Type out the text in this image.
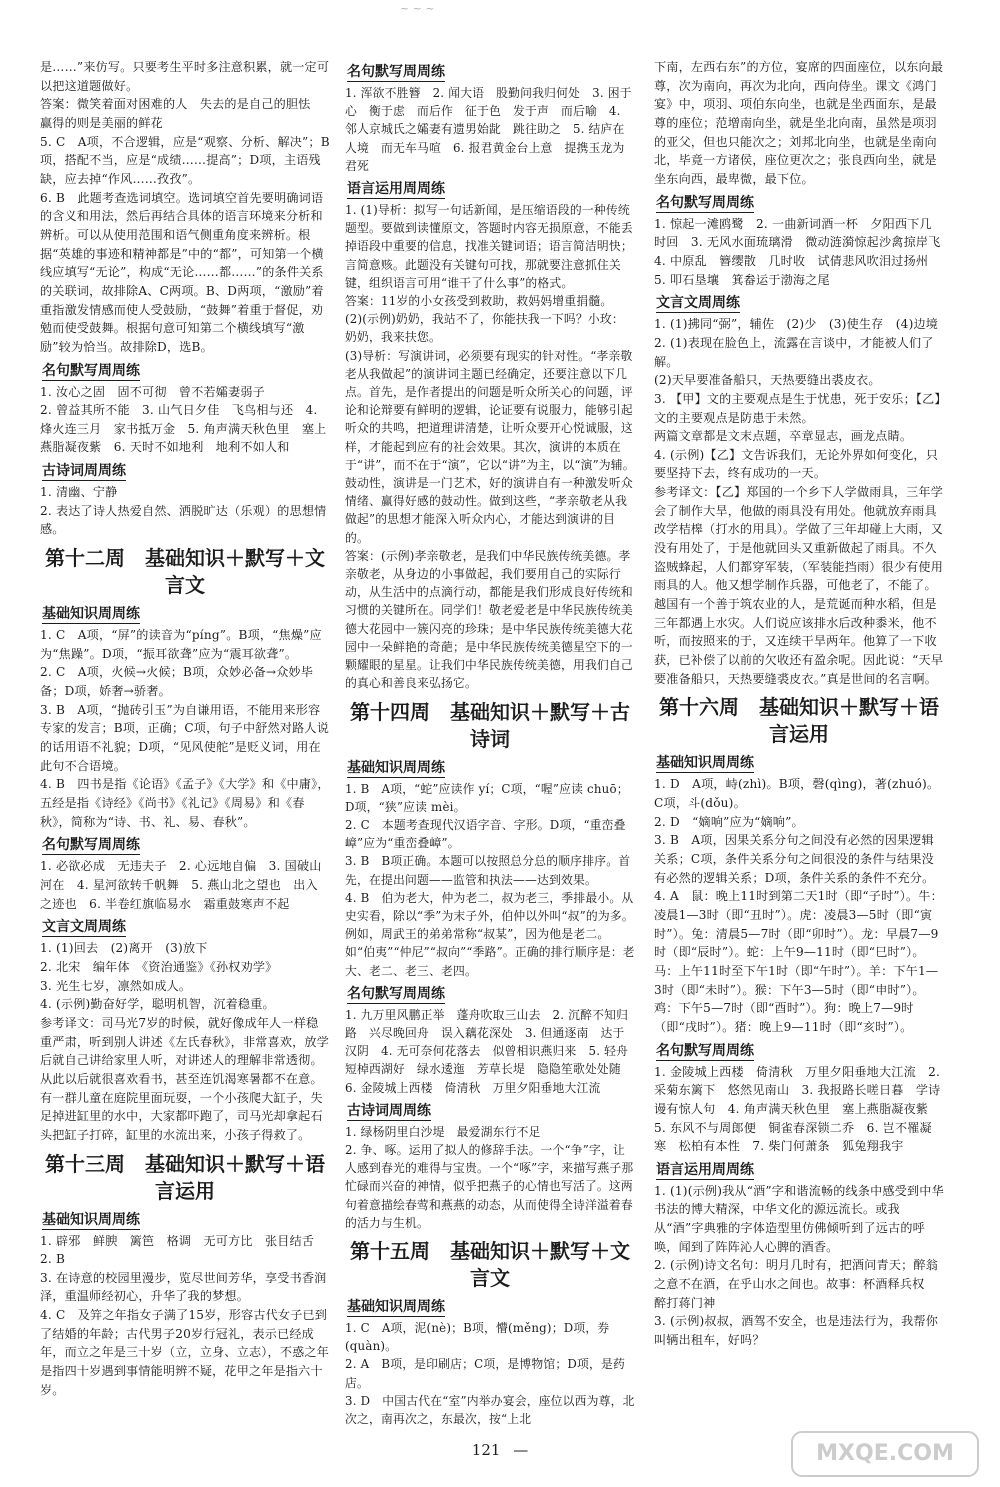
~ ~ ~

是……”来仿写。只要考生平时多注意积累，就一定可以把这道题做好。

答案：微笑着面对困难的人　失去的是自己的胆怯　赢得的则是美丽的鲜花

5. C　A项，不合逻辑，应是“观察、分析、解决”；B项，搭配不当，应是“成绩……提高”；D项，主语残缺，应去掉“作风……孜孜”。

6. B　此题考查选词填空。选词填空首先要明确词语的含义和用法，然后再结合具体的语言环境来分析和辨析。可以从使用范围和语气侧重角度来辨析。根据“英雄的事迹和精神都是”中的“都”，可知第一个横线应填写“无论”，构成“无论……都……”的条件关系的关联词，故排除A、C两项。B、D两项，“激励”着重指激发情感而使人受鼓励，“鼓舞”着重于督促，劝勉而使受鼓舞。根据句意可知第二个横线填写“激励”较为恰当。故排除D，选B。

名句默写周周练

1. 汝心之固　固不可彻　曾不若孀妻弱子

2. 曾益其所不能　3. 山气日夕佳　飞鸟相与还　4. 烽火连三月　家书抵万金　5. 角声满天秋色里　塞上燕脂凝夜紫　6. 天时不如地利　地利不如人和

古诗词周周练

1. 清幽、宁静

2. 表达了诗人热爱自然、洒脱旷达（乐观）的思想情感。

第十二周　基础知识＋默写＋文言文
基础知识周周练

1. C　A项，“屏”的读音为“píng”。B项，“焦燥”应为“焦躁”。D项，“振耳欲聋”应为“震耳欲聋”。

2. C　A项，火候→火候；B项，众妙必备→众妙毕备；D项，娇奢→骄奢。

3. B　A项，“抛砖引玉”为自谦用语，不能用来形容专家的发言；B项，正确；C项，句子中舒然对路人说的话用语不礼貌；D项，“见风使舵”是贬义词，用在此句不合语境。

4. B　四书是指《论语》《孟子》《大学》和《中庸》，五经是指《诗经》《尚书》《礼记》《周易》和《春秋》，简称为“诗、书、礼、易、春秋”。

名句默写周周练

1. 必欲必成　无违夫子　2. 心远地自偏　3. 国破山河在　4. 星河欲转千帆舞　5. 燕山北之望也　出入之迹也　6. 半卷红旗临易水　霜重鼓寒声不起

文言文周周练

1. (1)回去　(2)离开　(3)放下

2. 北宋　编年体　《资治通鉴》《孙权劝学》

3. 光生七岁，凛然如成人。

4. (示例)勤奋好学，聪明机智，沉着稳重。

参考译文：司马光7岁的时候，就好像成年人一样稳重严肃，听到别人讲述《左氏春秋》，非常喜欢，放学后就自己讲给家里人听，对讲述人的理解非常透彻。从此以后就很喜欢看书，甚至连饥渴寒暑都不在意。有一群儿童在庭院里面玩耍，一个小孩爬大缸子，失足掉进缸里的水中，大家都吓跑了，司马光却拿起石头把缸子打碎，缸里的水流出来，小孩子得救了。

第十三周　基础知识＋默写＋语言运用
基础知识周周练

1. 辟邪　鲜腴　篱笆　格调　无可方比　张目结舌

2. B

3. 在诗意的校园里漫步，览尽世间芳华，享受书香润泽，重温师经初心，升华了我的梦想。

4. C　及笄之年指女子满了15岁，形容古代女子已到了结婚的年龄；古代男子20岁行冠礼，表示已经成年，而立之年是三十岁（立，立身、立志），不惑之年是指四十岁遇到事情能明辨不疑，花甲之年是指六十岁。

名句默写周周练

1. 浑欲不胜簪　2. 闻大语　股勤问我归何处　3. 困于心　衡于虑　而后作　征于色　发于声　而后喻　4. 邻人京城氏之孀妻有遗男始龀　跳往助之　5. 结庐在人境　而无车马喧　6. 报君黄金台上意　提携玉龙为君死

语言运用周周练

1. (1)导析：拟写一句话新闻，是压缩语段的一种传统题型。要做到读懂原文，答题时内容无损原意，不能丢掉语段中重要的信息，找准关键词语；语言简洁明快；言简意赅。此题没有关键句可找，那就要注意抓住关键，组织语言可用“谁干了什么事”的格式。

答案：11岁的小女孩受到救助，救妈妈增重捐髓。

(2)(示例)奶奶，我站不了，你能扶我一下吗？小玫：奶奶，我来扶您。

(3)导析：写演讲词，必须要有现实的针对性。“孝亲敬老从我做起”的演讲词主题已经确定，还要注意以下几点。首先，是作者提出的问题是听众所关心的问题，评论和论辩要有鲜明的逻辑，论证要有说服力，能够引起听众的共鸣，把道理讲清楚，让听众要开心悦诚服，这样，才能起到应有的社会效果。其次，演讲的本质在于“讲”，而不在于“演”，它以“讲”为主，以“演”为辅。鼓动性，演讲是一门艺术，好的演讲自有一种激发听众情绪、赢得好感的鼓动性。做到这些，“孝亲敬老从我做起”的思想才能深入听众内心，才能达到演讲的目的。

答案：(示例)孝亲敬老，是我们中华民族传统美德。孝亲敬老，从身边的小事做起，我们要用自己的实际行动，从生活中的点滴行动，都能是我们形成良好传统和习惯的关键所在。同学们！敬老爱老是中华民族传统美德大花园中一簇闪亮的珍珠；是中华民族传统美德大花园中一朵鲜艳的奇葩；是中华民族传统美德星空下的一颗耀眼的星星。让我们中华民族传统美德，用我们自己的真心和善良来弘扬它。

第十四周　基础知识＋默写＋古诗词
基础知识周周练

1. B　A项，“蛇”应读作 yí；C项，“喔”应读 chuō；D项，“狭”应读 mèi。

2. C　本题考查现代汉语字音、字形。D项，“重峦叠嶂”应为“重峦叠嶂”。

3. B　B项正确。本题可以按照总分总的顺序排序。首先，在提出问题——监管和执法——达到效果。

4. B　伯为老大，仲为老二，叔为老三，季排最小。从史实看，除以“季”为末子外，伯仲以外叫“叔”的为多。例如，周武王的弟弟常称“叔某”，因为他是老二。如“伯夷”“仲尼”“叔向”“季路”。正确的排行顺序是：老大、老二、老三、老四。

名句默写周周练

1. 九万里风鹏正举　蓬舟吹取三山去　2. 沉醉不知归路　兴尽晚回舟　误入藕花深处　3. 但通逐南　达于汉阴　4. 无可奈何花落去　似曾相识燕归来　5. 轻舟短棹西湖好　绿水逶迤　芳草长堤　隐隐笙歌处处随　6. 金陵城上西楼　倚清秋　万里夕阳垂地大江流

古诗词周周练

1. 绿杨阴里白沙堤　最爱湖东行不足

2. 争、啄。运用了拟人的修辞手法。一个“争”字，让人感到春光的难得与宝贵。一个“啄”字，来描写燕子那忙碌而兴奋的神情，似乎把燕子的心情也写活了。这两句着意描绘春莺和燕燕的动态，从而使得全诗洋溢着春的活力与生机。

第十五周　基础知识＋默写＋文言文
基础知识周周练

1. C　A项，泥(nè)；B项，懵(měng)；D项，券(quàn)。

2. A　B项，是印刷店；C项，是博物馆；D项，是药店。

3. D　中国古代在“室”内举办宴会，座位以西为尊，北次之，南再次之，东最次，按“上北

下南，左西右东”的方位，宴席的四面座位，以东向最尊，次为南向，再次为北向，西向侍坐。课文《鸿门宴》中，项羽、项伯东向坐，也就是坐西面东，是最尊的座位；范增南向坐，就是坐北向南，虽然是项羽的亚父，但也只能次之；刘邦北向坐，也就是坐南向北，毕竟一方诸侯，座位更次之；张良西向坐，就是坐东向西，最卑微，最下位。

名句默写周周练

1. 惊起一滩鸥鹭　2. 一曲新词酒一杯　夕阳西下几时回　3. 无风水面琉璃滑　微动涟漪惊起沙禽掠岸飞　4. 中原乱　簪缨散　几时收　试倩悲风吹泪过扬州　5. 叩石垦壤　箕畚运于渤海之尾

文言文周周练

1. (1)拂同“弼”，辅佐　(2)少　(3)使生存　(4)边境

2. (1)表现在脸色上，流露在言谈中，才能被人们了解。

(2)天早要准备船只，天热要缝出裘皮衣。

3. 【甲】文的主要观点是生于忧患，死于安乐；【乙】文的主要观点是防患于未然。

两篇文章都是文末点题，卒章显志，画龙点睛。

4. (示例)【乙】文告诉我们，无论外界如何变化，只要坚持下去，终有成功的一天。

参考译文：【乙】郑国的一个乡下人学做雨具，三年学会了制作大旱，他做的雨具没有用处。他就放弃雨具改学桔槔（打水的用具）。学做了三年却碰上大雨，又没有用处了，于是他就回头又重新做起了雨具。不久盗贼蜂起，人们都穿军装，（军装能挡雨）很少有使用雨具的人。他又想学制作兵器，可他老了，不能了。越国有一个善于筑农业的人，是荒诞而种水稻，但是三年都遇上水灾。人们说应该排水后改种黍米，他不听，而按照来的于，又连续干旱两年。他算了一下收获，已补偿了以前的欠收还有盈余呢。因此说：“天早要准备船只，天热要缝裘皮衣。”真是世间的名言啊。

第十六周　基础知识＋默写＋语言运用
基础知识周周练

1. D　A项，峙(zhì)。B项，磬(qìng)，著(zhuó)。C项，斗(dǒu)。

2. D　“嫡响”应为“嫡响”。

3. B　A项，因果关系分句之间没有必然的因果逻辑关系；C项，条件关系分句之间很没的条件与结果没有必然的逻辑关系；D项，条件关系的条件不充分。

4. A　鼠：晚上11时到第二天1时（即“子时”）。牛：凌晨1—3时（即“丑时”）。虎：凌晨3—5时（即“寅时”）。兔：清晨5—7时（即“卯时”）。龙：早晨7—9时（即“辰时”）。蛇：上午9—11时（即“巳时”）。马：上午11时至下午1时（即“午时”）。羊：下午1—3时（即“未时”）。猴：下午3—5时（即“申时”）。鸡：下午5—7时（即“酉时”）。狗：晚上7—9时（即“戌时”）。猪：晚上9—11时（即“亥时”）。

名句默写周周练

1. 金陵城上西楼　倚清秋　万里夕阳垂地大江流　2. 采菊东篱下　悠然见南山　3. 我报路长嗟日暮　学诗谩有惊人句　4. 角声满天秋色里　塞上燕脂凝夜紫　5. 东风不与周郎便　铜雀春深锁二乔　6. 岂不罹凝寒　松柏有本性　7. 柴门何萧条　狐兔翔我宇

语言运用周周练

1. (1)(示例)我从“酒”字和谐流畅的线条中感受到中华书法的博大精深，中华文化的源远流长。或我从“酒”字典雅的字体造型里仿佛倾听到了远古的呼唤，闻到了阵阵沁人心脾的酒香。

2. (示例)诗文名句：明月几时有，把酒问青天；醉翁之意不在酒，在乎山水之间也。故事：杯酒释兵权　醉打蒋门神

3. (示例)叔叔，酒驾不安全，也是违法行为，我帮你叫辆出租车，好吗？

121 —	MXQE.COM
